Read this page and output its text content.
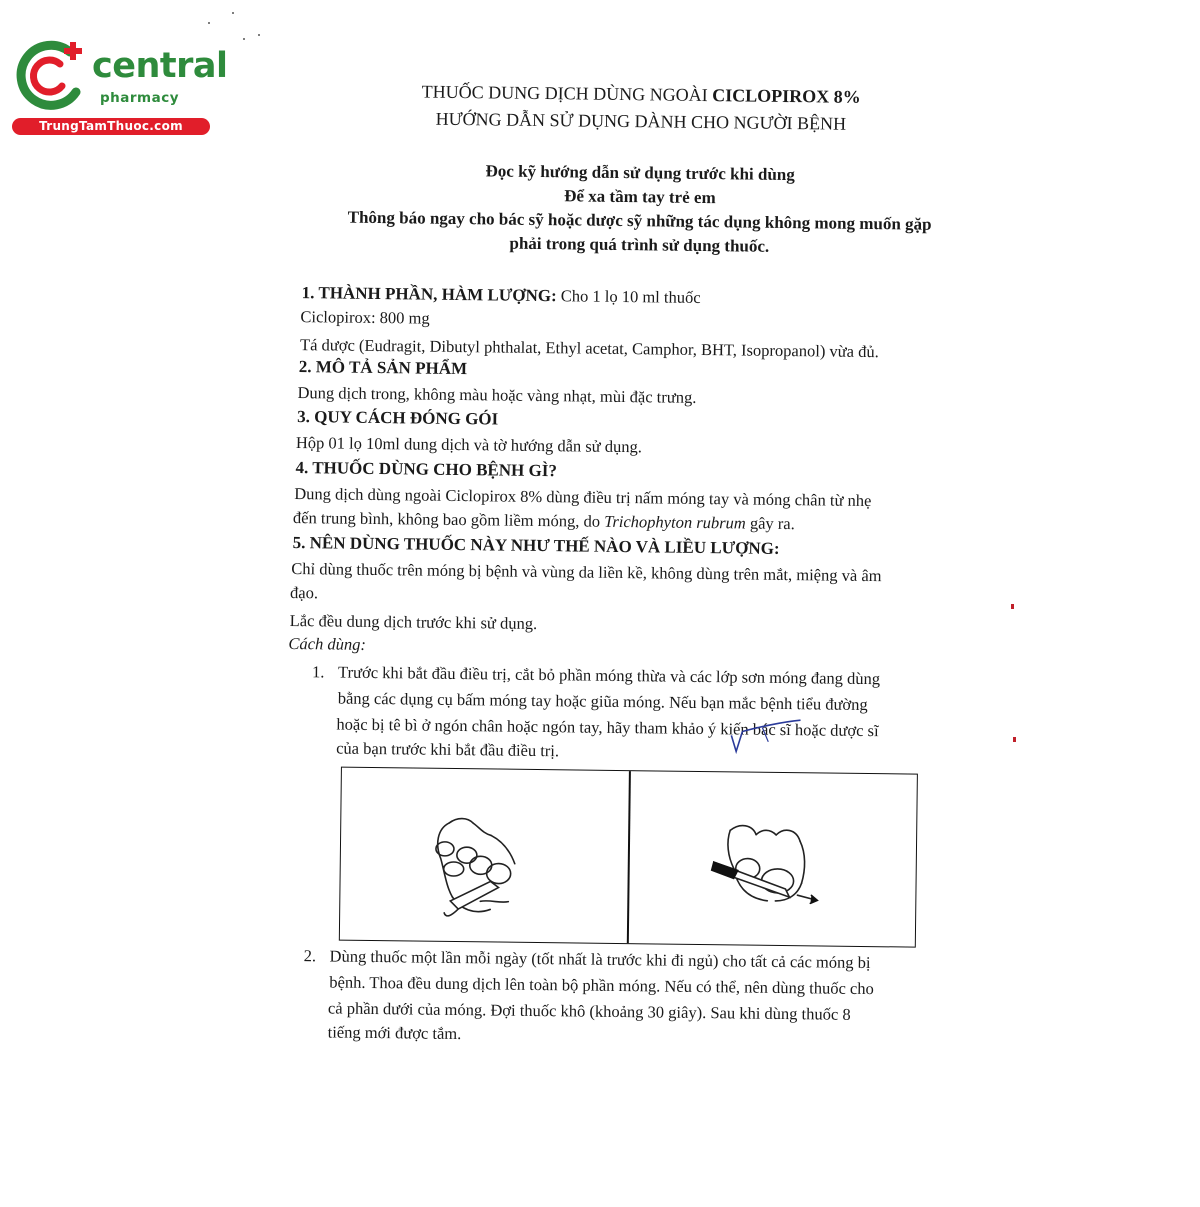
central
pharmacy
TrungTamThuoc.com
THUỐC DUNG DỊCH DÙNG NGOÀI CICLOPIROX 8%
HƯỚNG DẪN SỬ DỤNG DÀNH CHO NGƯỜI BỆNH
Đọc kỹ hướng dẫn sử dụng trước khi dùng
Để xa tầm tay trẻ em
Thông báo ngay cho bác sỹ hoặc dược sỹ những tác dụng không mong muốn gặp
phải trong quá trình sử dụng thuốc.
1. THÀNH PHẦN, HÀM LƯỢNG: Cho 1 lọ 10 ml thuốc
Ciclopirox: 800 mg
Tá dược (Eudragit, Dibutyl phthalat, Ethyl acetat, Camphor, BHT, Isopropanol) vừa đủ.
2. MÔ TẢ SẢN PHẨM
Dung dịch trong, không màu hoặc vàng nhạt, mùi đặc trưng.
3. QUY CÁCH ĐÓNG GÓI
Hộp 01 lọ 10ml dung dịch và tờ hướng dẫn sử dụng.
4. THUỐC DÙNG CHO BỆNH GÌ?
Dung dịch dùng ngoài Ciclopirox 8% dùng điều trị nấm móng tay và móng chân từ nhẹ
đến trung bình, không bao gồm liềm móng, do Trichophyton rubrum gây ra.
5. NÊN DÙNG THUỐC NÀY NHƯ THẾ NÀO VÀ LIỀU LƯỢNG:
Chỉ dùng thuốc trên móng bị bệnh và vùng da liền kề, không dùng trên mắt, miệng và âm
đạo.
Lắc đều dung dịch trước khi sử dụng.
Cách dùng:
1. Trước khi bắt đầu điều trị, cắt bỏ phần móng thừa và các lớp sơn móng đang dùng
bằng các dụng cụ bấm móng tay hoặc giũa móng. Nếu bạn mắc bệnh tiểu đường
hoặc bị tê bì ở ngón chân hoặc ngón tay, hãy tham khảo ý kiến bác sĩ hoặc dược sĩ
của bạn trước khi bắt đầu điều trị.
2. Dùng thuốc một lần mỗi ngày (tốt nhất là trước khi đi ngủ) cho tất cả các móng bị
bệnh. Thoa đều dung dịch lên toàn bộ phần móng. Nếu có thể, nên dùng thuốc cho
cả phần dưới của móng. Đợi thuốc khô (khoảng 30 giây). Sau khi dùng thuốc 8
tiếng mới được tắm.
